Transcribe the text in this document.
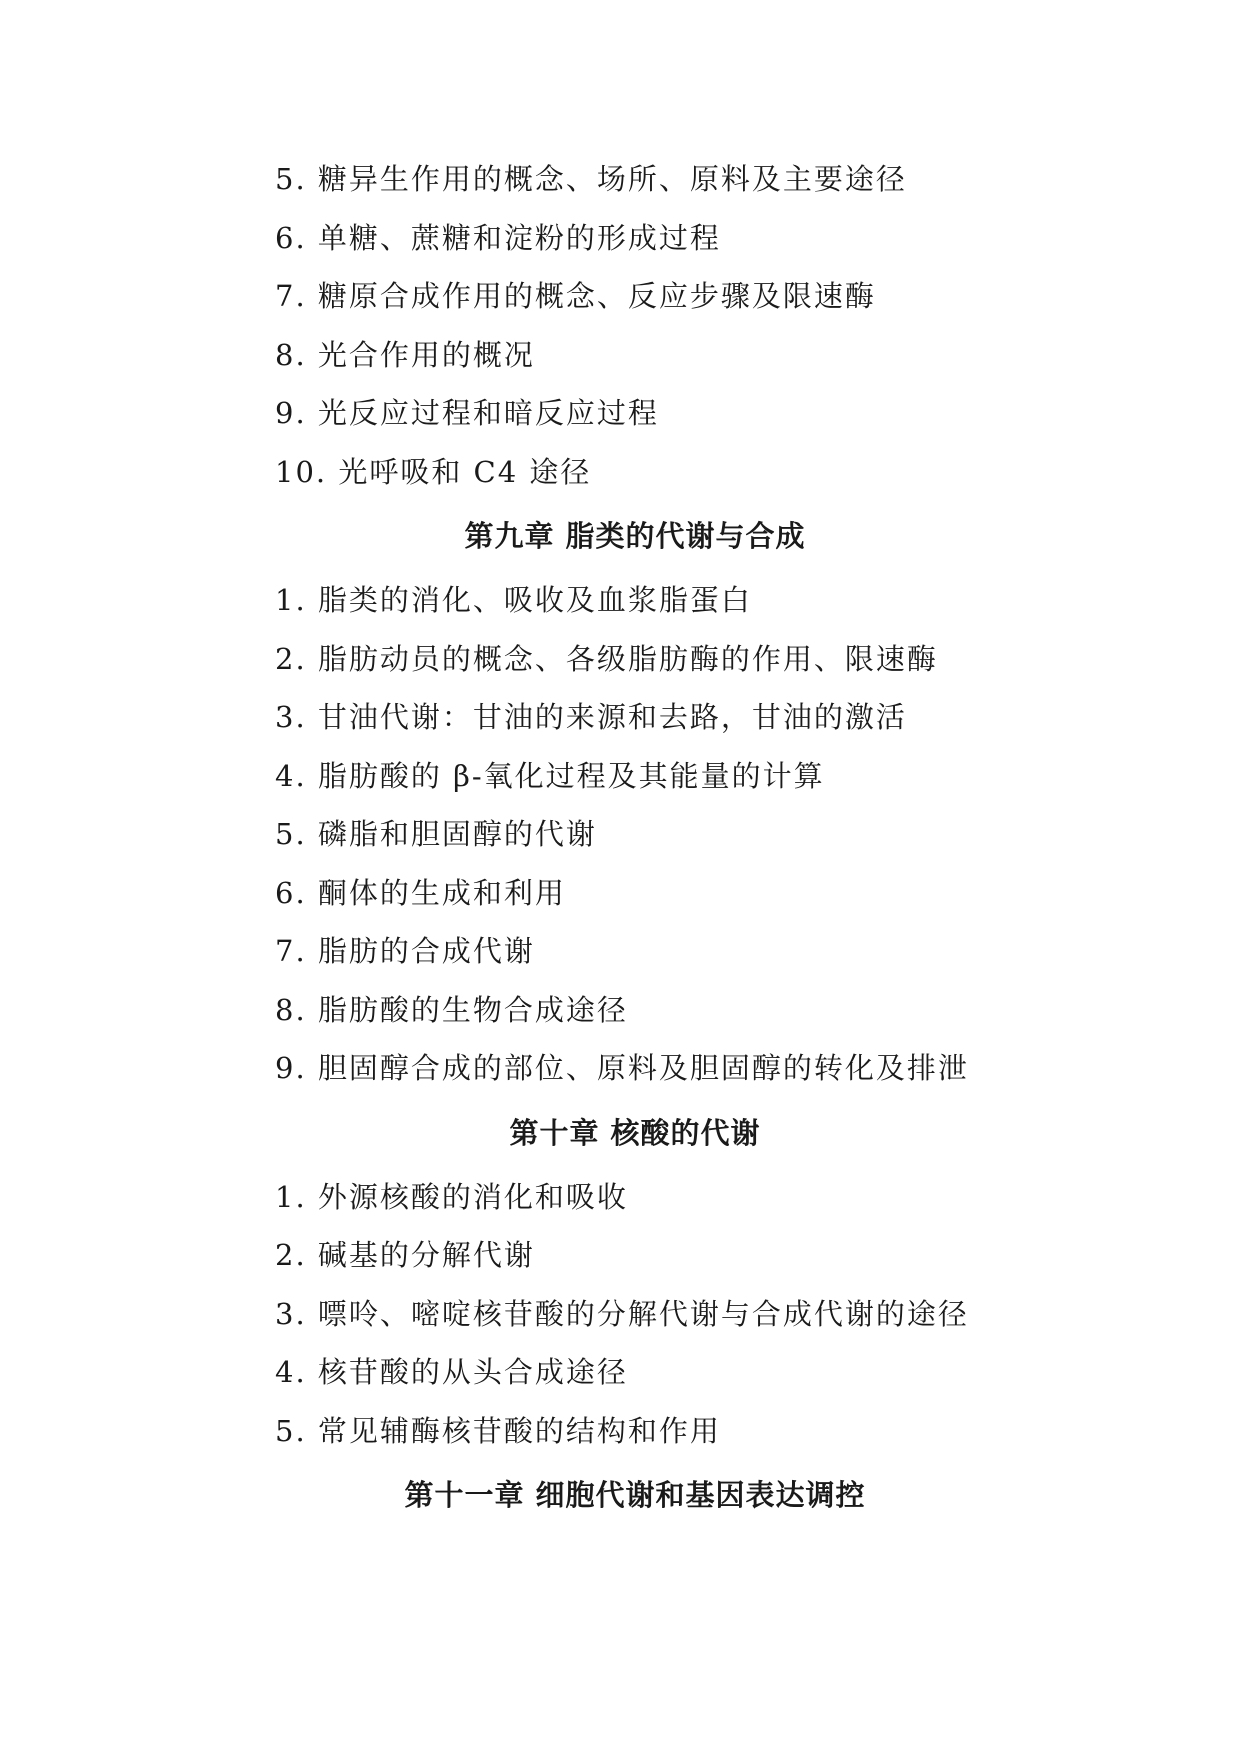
5. 糖异生作用的概念、场所、原料及主要途径
6. 单糖、蔗糖和淀粉的形成过程
7. 糖原合成作用的概念、反应步骤及限速酶
8. 光合作用的概况
9. 光反应过程和暗反应过程
10. 光呼吸和 C4 途径
第九章 脂类的代谢与合成
1. 脂类的消化、吸收及血浆脂蛋白
2. 脂肪动员的概念、各级脂肪酶的作用、限速酶
3. 甘油代谢：甘油的来源和去路，甘油的激活
4. 脂肪酸的 β-氧化过程及其能量的计算
5. 磷脂和胆固醇的代谢
6. 酮体的生成和利用
7. 脂肪的合成代谢
8. 脂肪酸的生物合成途径
9. 胆固醇合成的部位、原料及胆固醇的转化及排泄
第十章 核酸的代谢
1. 外源核酸的消化和吸收
2. 碱基的分解代谢
3. 嘌呤、嘧啶核苷酸的分解代谢与合成代谢的途径
4. 核苷酸的从头合成途径
5. 常见辅酶核苷酸的结构和作用
第十一章 细胞代谢和基因表达调控
